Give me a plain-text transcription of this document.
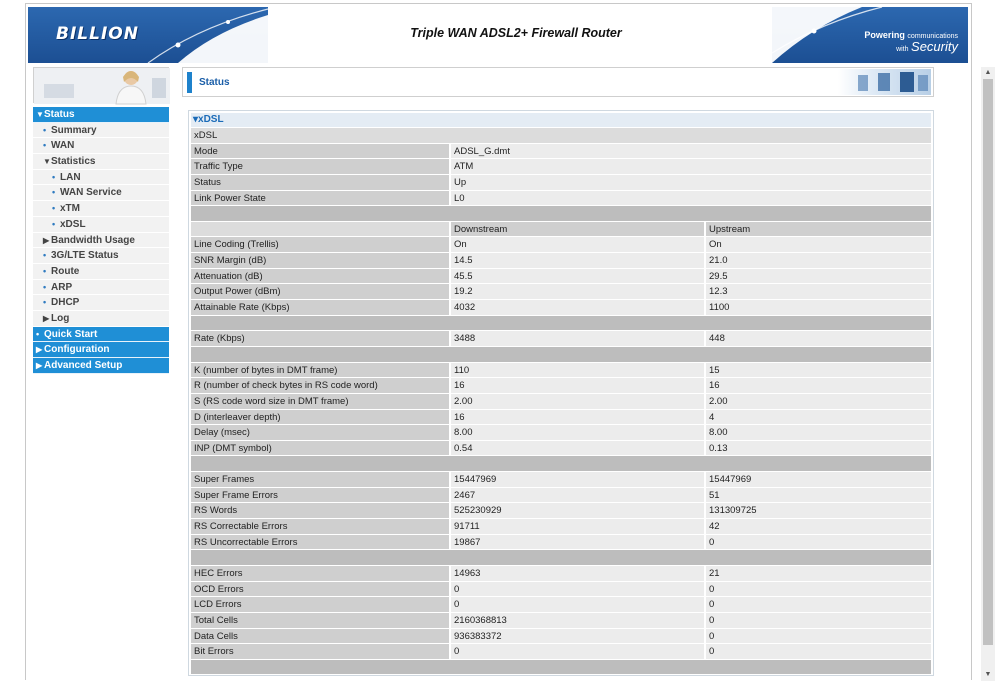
BILLION	Triple WAN ADSL2+ Firewall Router	Powering communications
with Security
▼Status
• Summary
• WAN
▼Statistics
• LAN
• WAN Service
• xTM
• xDSL
▶ Bandwidth Usage
• 3G/LTE Status
• Route
• ARP
• DHCP
▶ Log
• Quick Start
▶ Configuration
▶ Advanced Setup
Status
▾xDSL
xDSL
Mode	ADSL_G.dmt
Traffic Type	ATM
Status	Up
Link Power State	L0
Downstream	Upstream
Line Coding (Trellis)	On	On
SNR Margin (dB)	14.5	21.0
Attenuation (dB)	45.5	29.5
Output Power (dBm)	19.2	12.3
Attainable Rate (Kbps)	4032	1100
Rate (Kbps)	3488	448
K (number of bytes in DMT frame)	110	15
R (number of check bytes in RS code word)	16	16
S (RS code word size in DMT frame)	2.00	2.00
D (interleaver depth)	16	4
Delay (msec)	8.00	8.00
INP (DMT symbol)	0.54	0.13
Super Frames	15447969	15447969
Super Frame Errors	2467	51
RS Words	525230929	131309725
RS Correctable Errors	91711	42
RS Uncorrectable Errors	19867	0
HEC Errors	14963	21
OCD Errors	0	0
LCD Errors	0	0
Total Cells	2160368813	0
Data Cells	936383372	0
Bit Errors	0	0
▲
▼
